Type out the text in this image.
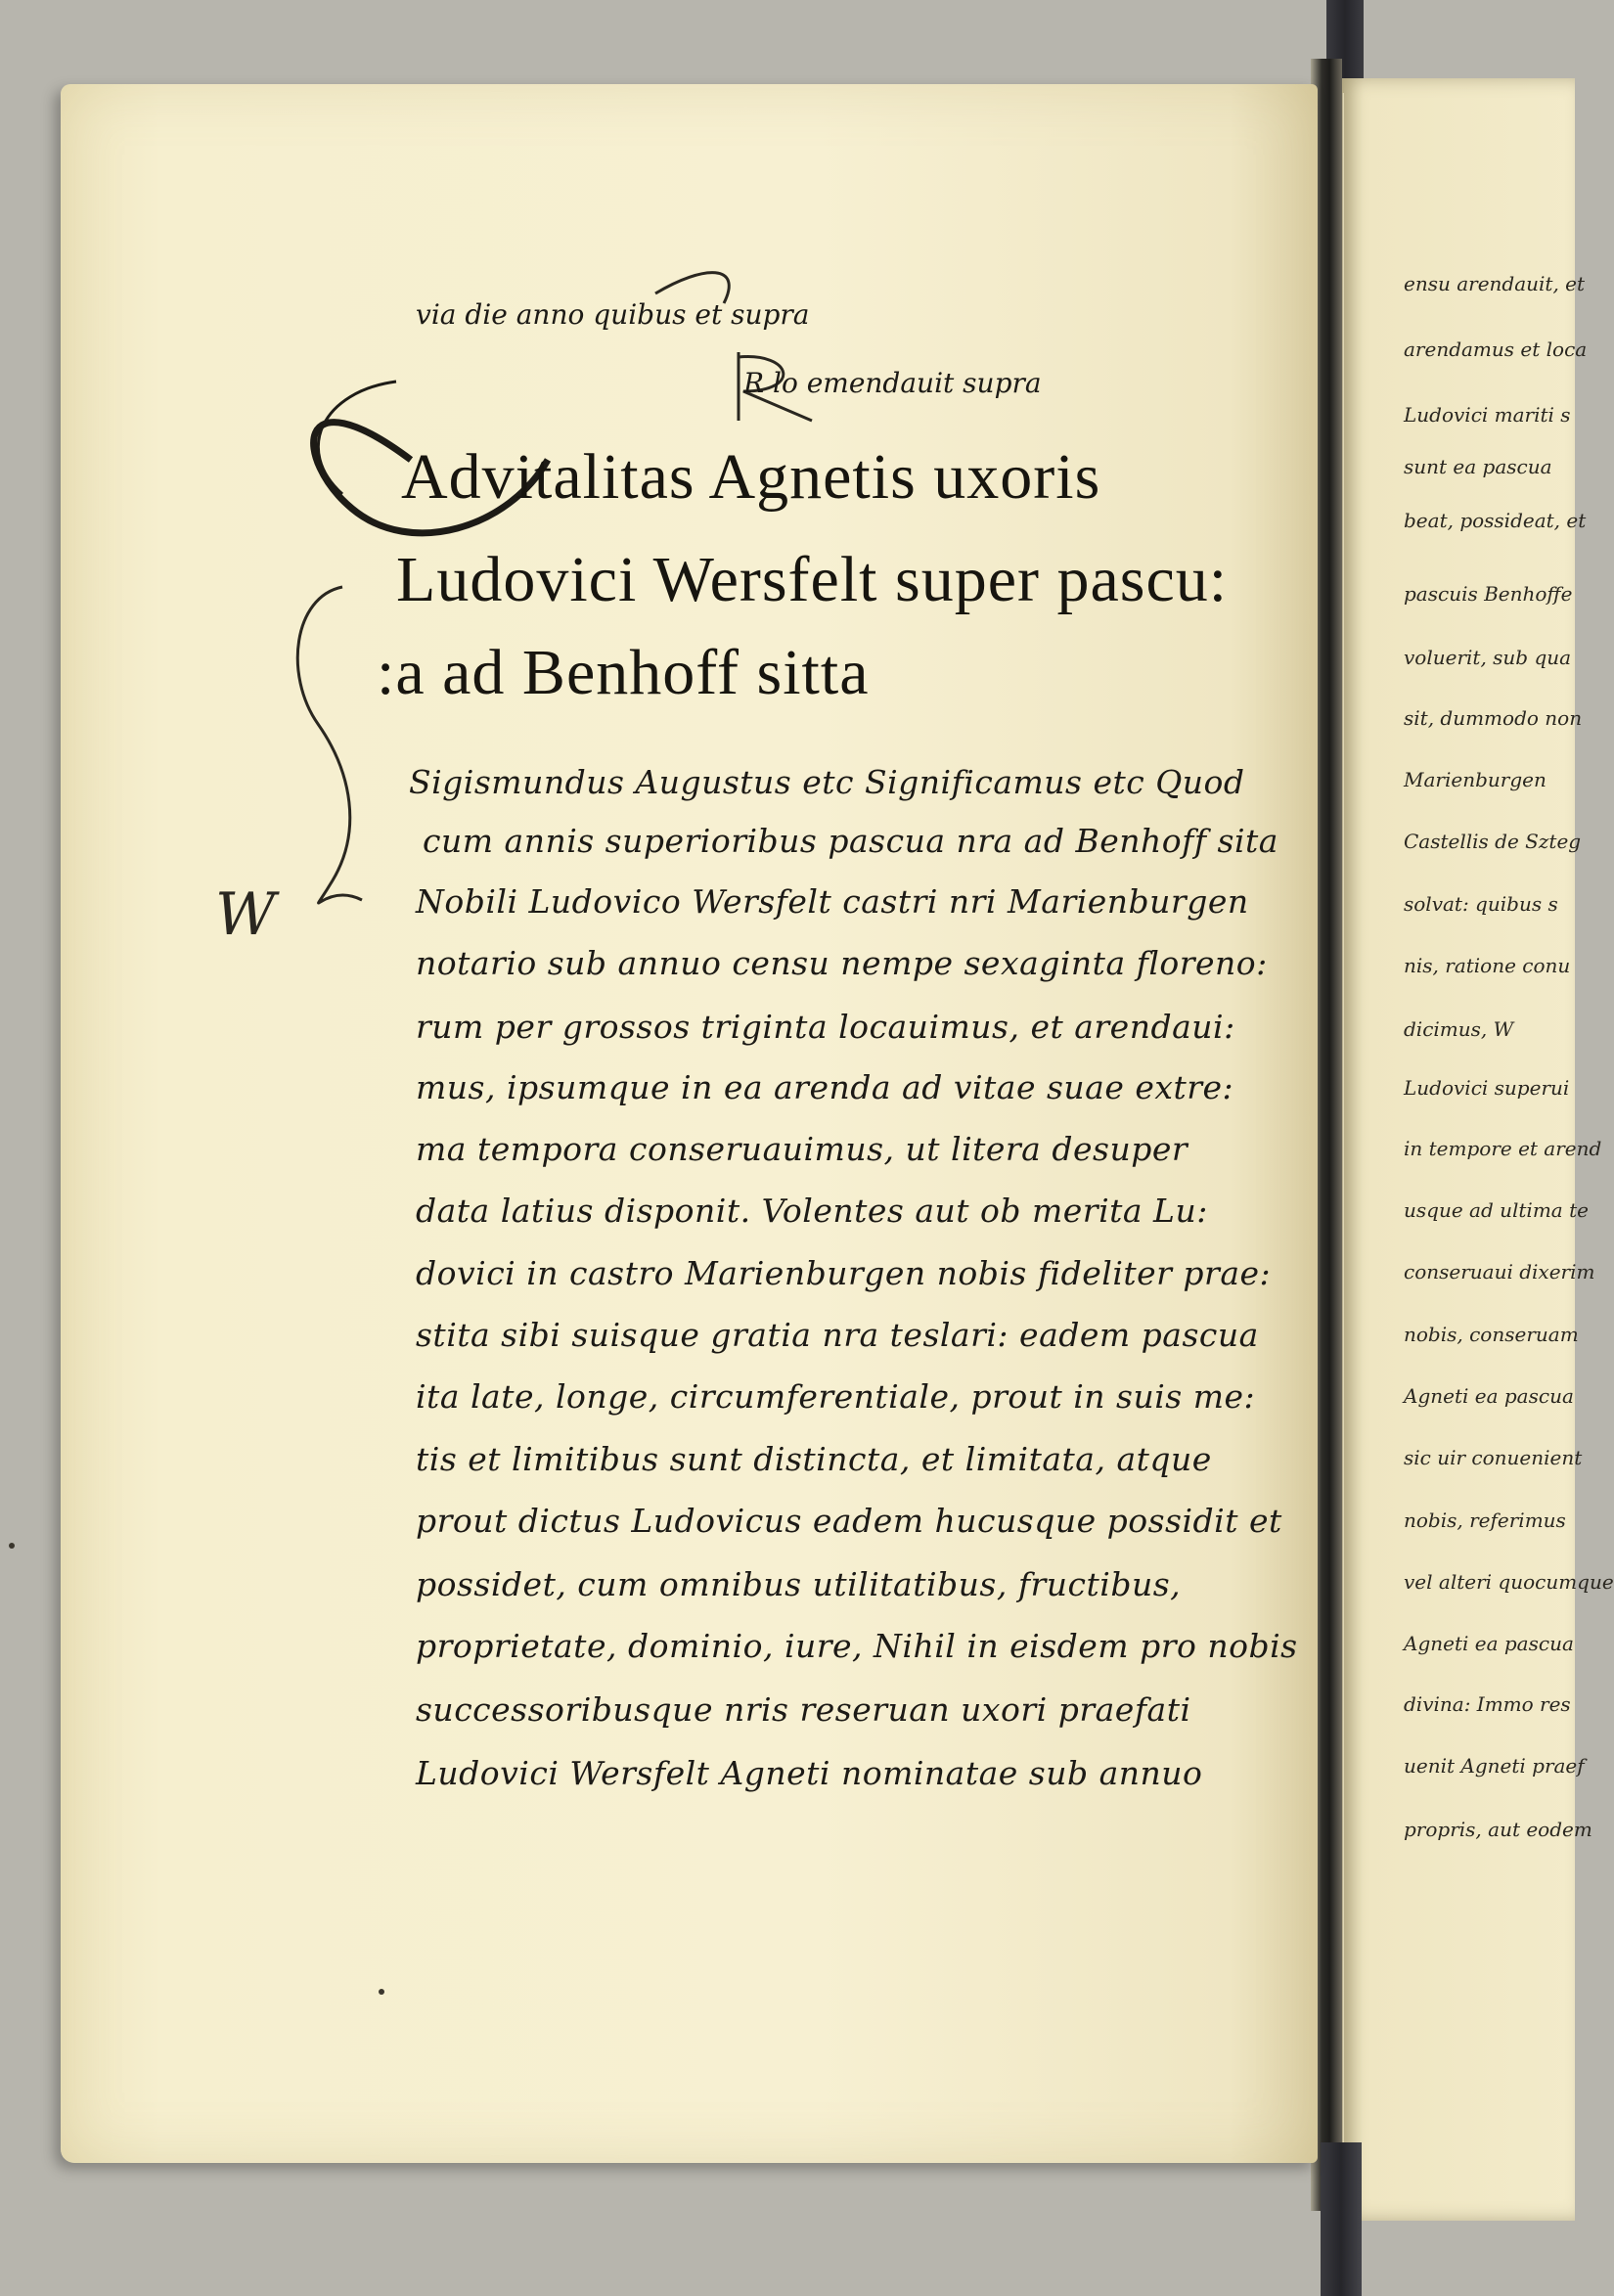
via die anno quibus et supra
R lo emendauit supra
Advitalitas Agnetis uxoris
Ludovici Wersfelt super pascu:
:a ad Benhoff sitta
W
Sigismundus Augustus etc Significamus etc Quod
cum annis superioribus pascua nra ad Benhoff sita
Nobili Ludovico Wersfelt castri nri Marienburgen
notario sub annuo censu nempe sexaginta floreno:
rum per grossos triginta locauimus, et arendaui:
mus, ipsumque in ea arenda ad vitae suae extre:
ma tempora conseruauimus, ut litera desuper
data latius disponit. Volentes aut ob merita Lu:
dovici in castro Marienburgen nobis fideliter prae:
stita sibi suisque gratia nra teslari: eadem pascua
ita late, longe, circumferentiale, prout in suis me:
tis et limitibus sunt distincta, et limitata, atque
prout dictus Ludovicus eadem hucusque possidit et
possidet, cum omnibus utilitatibus, fructibus,
proprietate, dominio, iure, Nihil in eisdem pro nobis
successoribusque nris reseruan uxori praefati
Ludovici Wersfelt Agneti nominatae sub annuo
ensu arendauit, et
arendamus et loca
Ludovici mariti s
sunt ea pascua
beat, possideat, et
pascuis Benhoffe
voluerit, sub qua
sit, dummodo non
Marienburgen
Castellis de Szteg
solvat: quibus s
nis, ratione conu
dicimus, W
Ludovici superui
in tempore et arend
usque ad ultima te
conseruaui dixerim
nobis, conseruam
Agneti ea pascua
sic uir conuenient
nobis, referimus
vel alteri quocumque
Agneti ea pascua
divina: Immo res
uenit Agneti praef
propris, aut eodem
